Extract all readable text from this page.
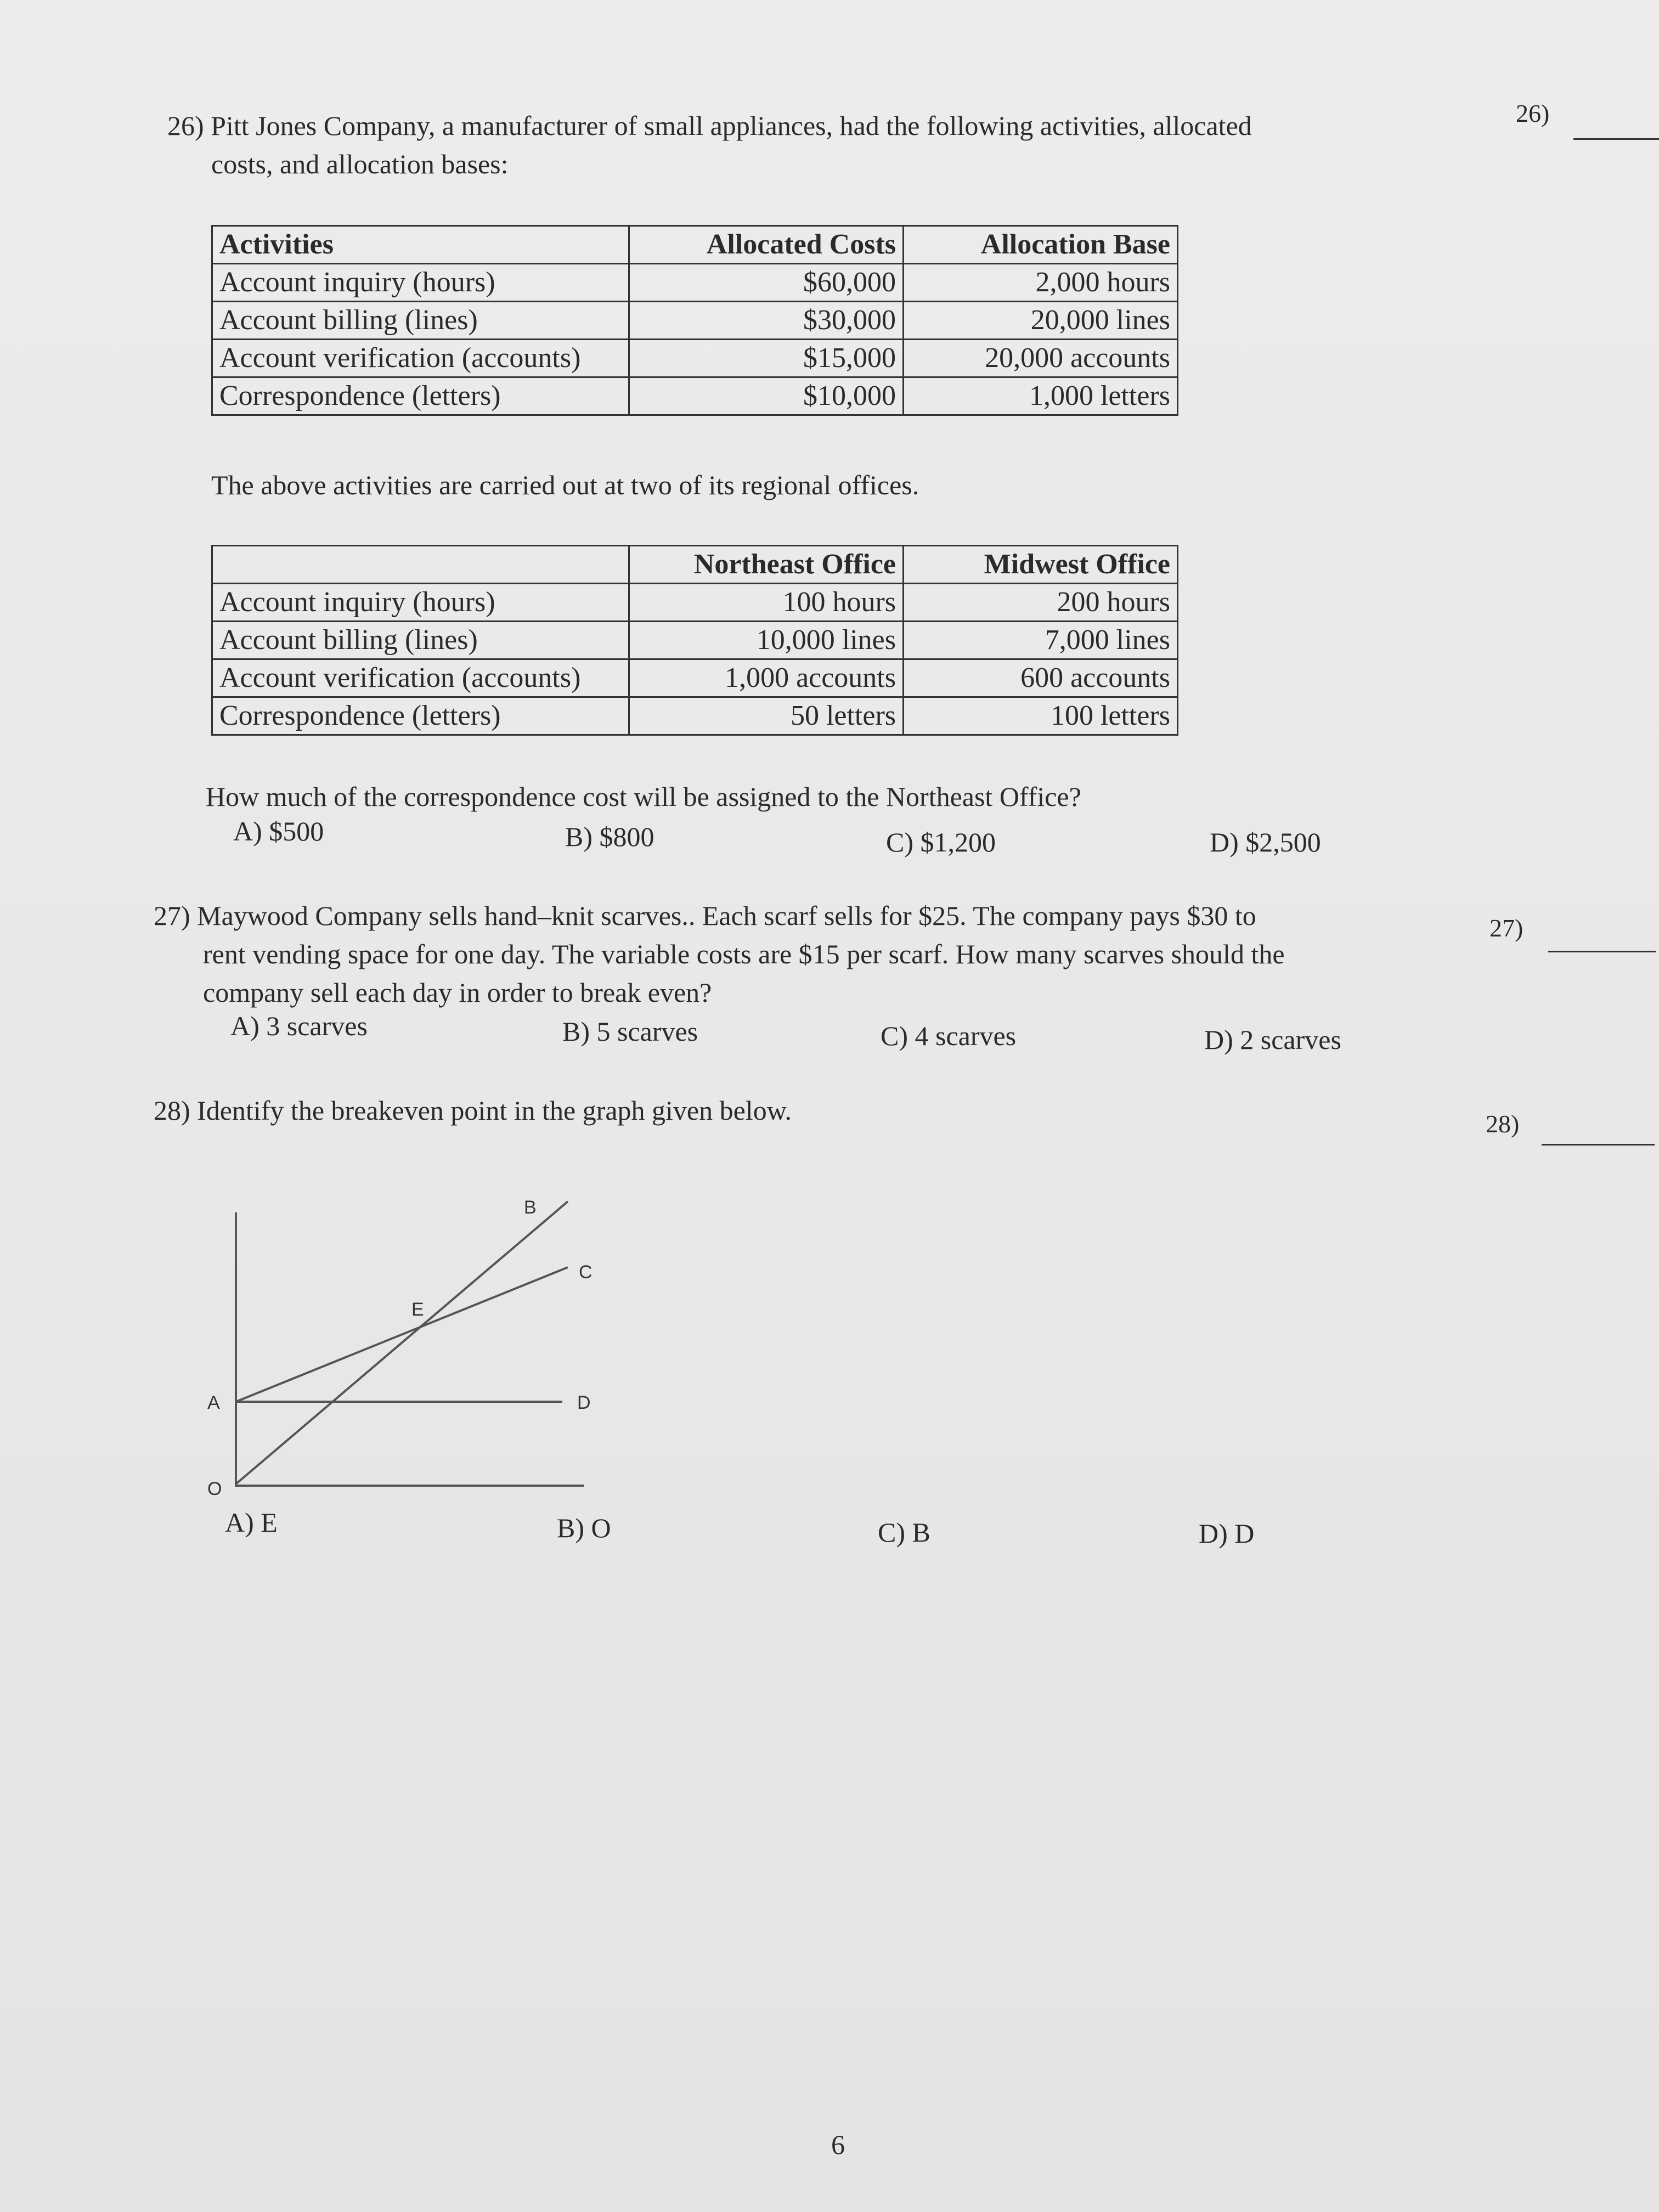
26) Pitt Jones Company, a manufacturer of small appliances, had the following activities, allocated
costs, and allocation bases:
26)
Activities	Allocated Costs	Allocation Base
Account inquiry (hours)	$60,000	2,000 hours
Account billing (lines)	$30,000	20,000 lines
Account verification (accounts)	$15,000	20,000 accounts
Correspondence (letters)	$10,000	1,000 letters
The above activities are carried out at two of its regional offices.
	Northeast Office	Midwest Office
Account inquiry (hours)	100 hours	200 hours
Account billing (lines)	10,000 lines	7,000 lines
Account verification (accounts)	1,000 accounts	600 accounts
Correspondence (letters)	50 letters	100 letters
How much of the correspondence cost will be assigned to the Northeast Office?
A) $500	B) $800	C) $1,200	D) $2,500
27) Maywood Company sells hand–knit scarves.. Each scarf sells for $25. The company pays $30 to
rent vending space for one day. The variable costs are $15 per scarf. How many scarves should the
company sell each day in order to break even?
27)
A) 3 scarves	B) 5 scarves	C) 4 scarves	D) 2 scarves
28) Identify the breakeven point in the graph given below.	28)
B
C
E
A	D
O
A) E	B) O	C) B	D) D
6
